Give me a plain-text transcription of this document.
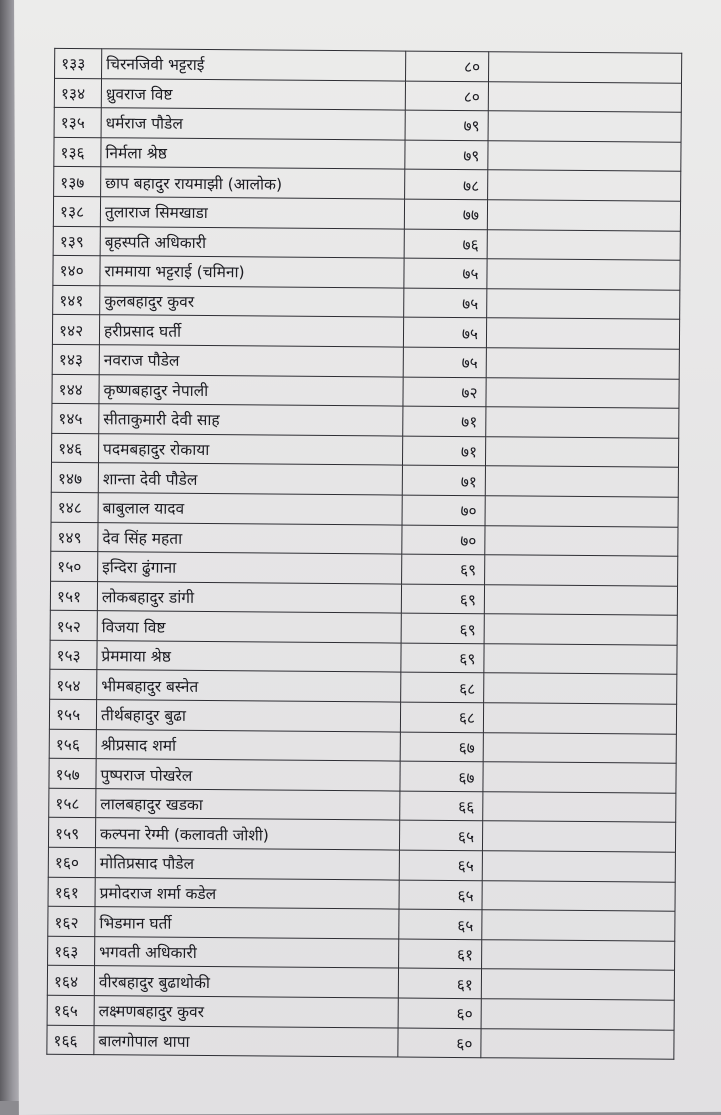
१३३	चिरनजिवी भट्टराई	८०	
१३४	ध्रुवराज विष्ट	८०	
१३५	धर्मराज पौडेल	७९	
१३६	निर्मला श्रेष्ठ	७९	
१३७	छाप बहादुर रायमाझी (आलोक)	७८	
१३८	तुलाराज सिमखाडा	७७	
१३९	बृहस्पति अधिकारी	७६	
१४०	राममाया भट्टराई (चमिना)	७५	
१४१	कुलबहादुर कुवर	७५	
१४२	हरीप्रसाद घर्ती	७५	
१४३	नवराज पौडेल	७५	
१४४	कृष्णबहादुर नेपाली	७२	
१४५	सीताकुमारी देवी साह	७१	
१४६	पदमबहादुर रोकाया	७१	
१४७	शान्ता देवी पौडेल	७१	
१४८	बाबुलाल यादव	७०	
१४९	देव सिंह महता	७०	
१५०	इन्दिरा ढुंगाना	६९	
१५१	लोकबहादुर डांगी	६९	
१५२	विजया विष्ट	६९	
१५३	प्रेममाया श्रेष्ठ	६९	
१५४	भीमबहादुर बस्नेत	६८	
१५५	तीर्थबहादुर बुढा	६८	
१५६	श्रीप्रसाद शर्मा	६७	
१५७	पुष्पराज पोखरेल	६७	
१५८	लालबहादुर खडका	६६	
१५९	कल्पना रेग्मी (कलावती जोशी)	६५	
१६०	मोतिप्रसाद पौडेल	६५	
१६१	प्रमोदराज शर्मा कडेल	६५	
१६२	भिडमान घर्ती	६५	
१६३	भगवती अधिकारी	६१	
१६४	वीरबहादुर बुढाथोकी	६१	
१६५	लक्ष्मणबहादुर कुवर	६०	
१६६	बालगोपाल थापा	६०	
